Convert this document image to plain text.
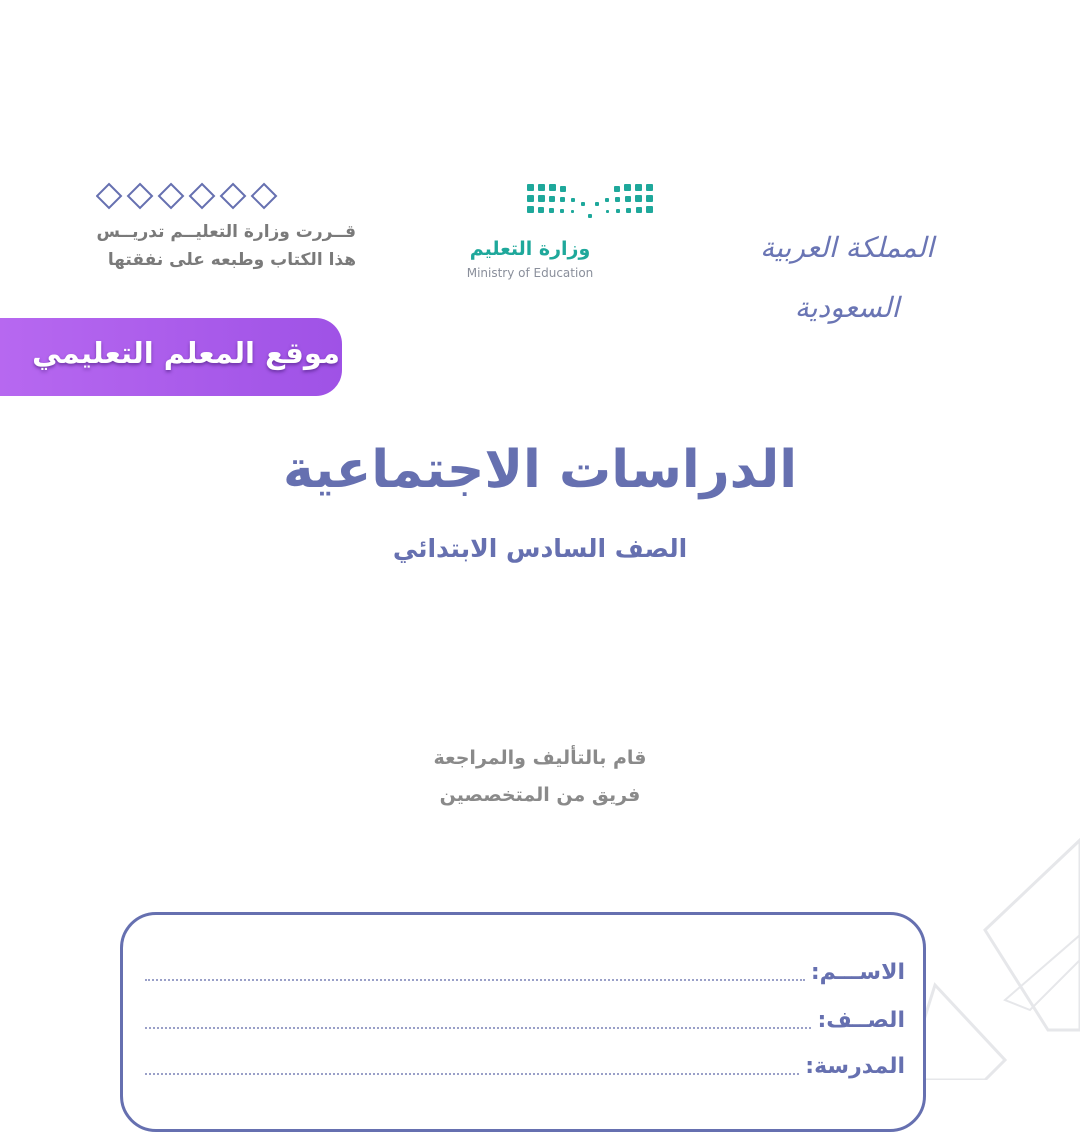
المملكة العربية السعودية
وزارة التعليم
Ministry of Education
قــررت وزارة التعليــم تدريــس
هذا الكتاب وطبعه على نفقتها
موقع المعلم التعليمي
الدراسات الاجتماعية
الصف السادس الابتدائي
قام بالتأليف والمراجعة
فريق من المتخصصين
الاســـم:
الصــف:
المدرسة:
